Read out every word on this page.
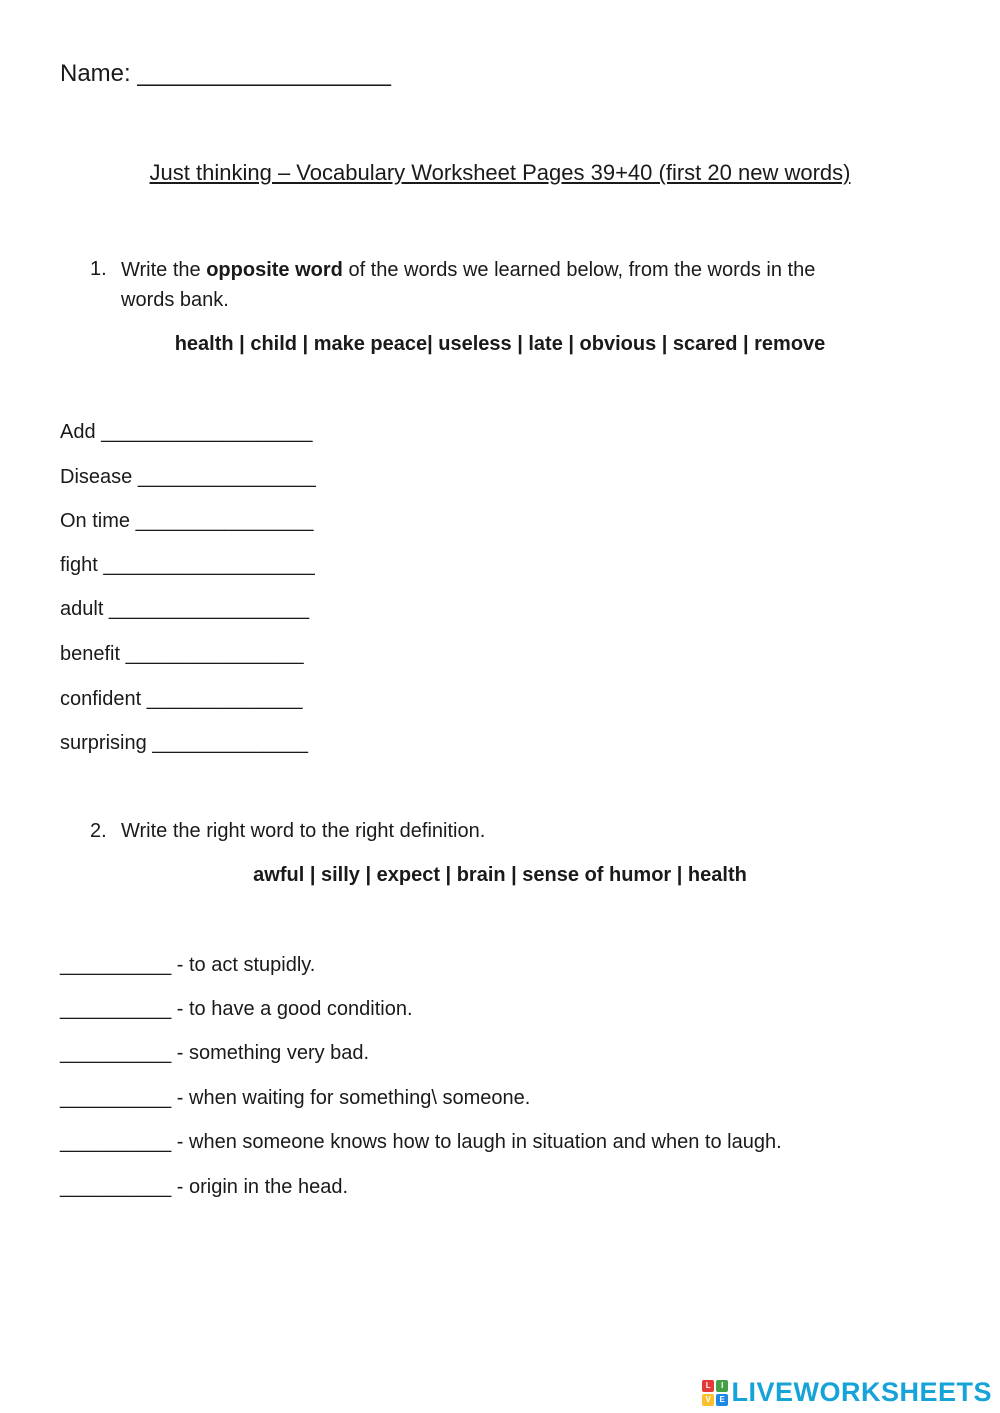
Name: ___________________
Just thinking – Vocabulary Worksheet Pages 39+40 (first 20 new words)
1. Write the opposite word of the words we learned below, from the words in the
words bank.
health | child | make peace| useless | late | obvious | scared | remove
Add ___________________
Disease ________________
On time ________________
fight ___________________
adult __________________
benefit ________________
confident ______________
surprising ______________
2. Write the right word to the right definition.
awful | silly | expect | brain | sense of humor | health
__________ - to act stupidly.
__________ - to have a good condition.
__________ - something very bad.
__________ - when waiting for something\ someone.
__________ - when someone knows how to laugh in situation and when to laugh.
__________ - origin in the head.
L	I
V	E LIVEWORKSHEETS
